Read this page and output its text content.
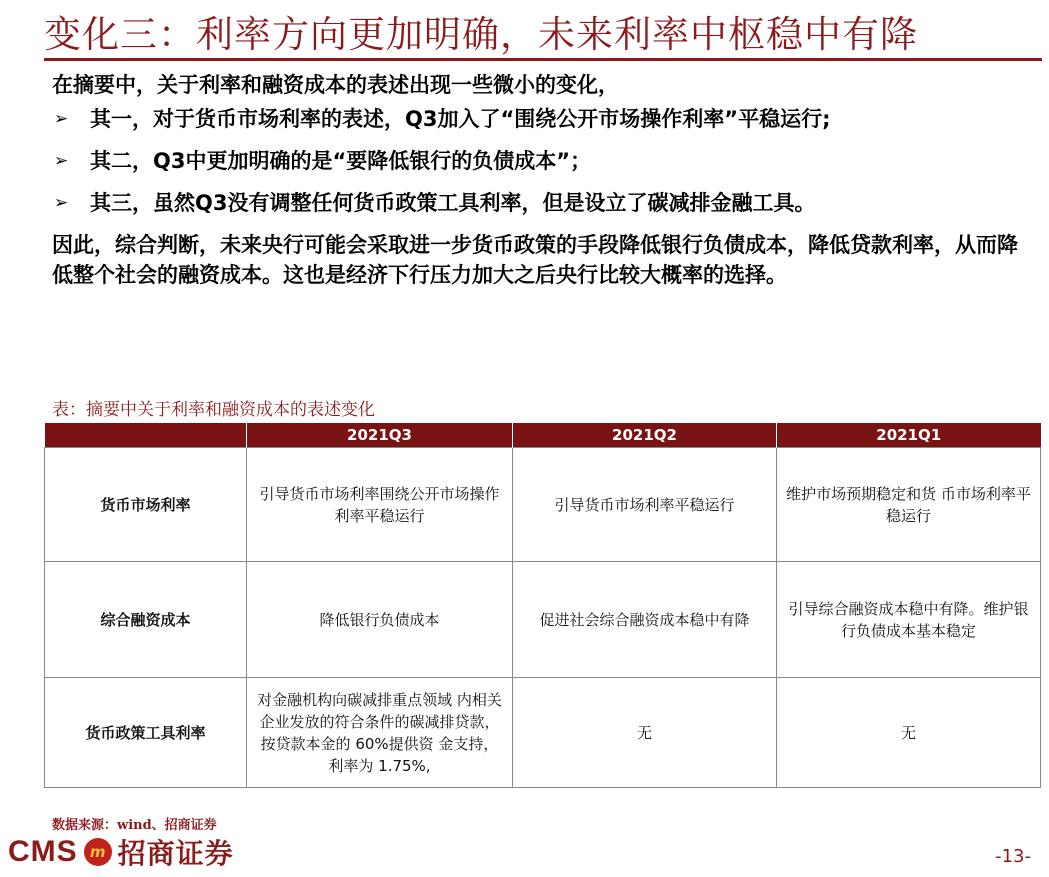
变化三：利率方向更加明确，未来利率中枢稳中有降

在摘要中，关于利率和融资成本的表述出现一些微小的变化，

➢	其一，对于货币市场利率的表述，Q3加入了“围绕公开市场操作利率”平稳运行;
➢	其二，Q3中更加明确的是“要降低银行的负债成本”；
➢	其三，虽然Q3没有调整任何货币政策工具利率，但是设立了碳减排金融工具。

因此，综合判断，未来央行可能会采取进一步货币政策的手段降低银行负债成本，降低贷款利率，从而降低整个社会的融资成本。这也是经济下行压力加大之后央行比较大概率的选择。

表：摘要中关于利率和融资成本的表述变化
	2021Q3	2021Q2	2021Q1
货币市场利率	引导货币市场利率围绕公开市场操作利率平稳运行	引导货币市场利率平稳运行	维护市场预期稳定和货 币市场利率平稳运行
综合融资成本	降低银行负债成本	促进社会综合融资成本稳中有降	引导综合融资成本稳中有降。维护银行负债成本基本稳定
货币政策工具利率	对金融机构向碳减排重点领域 内相关企业发放的符合条件的碳减排贷款，按贷款本金的 60%提供资 金支持，利率为 1.75%,	无	无
数据来源：wind、招商证券
CMS m 招商证券	-13-
